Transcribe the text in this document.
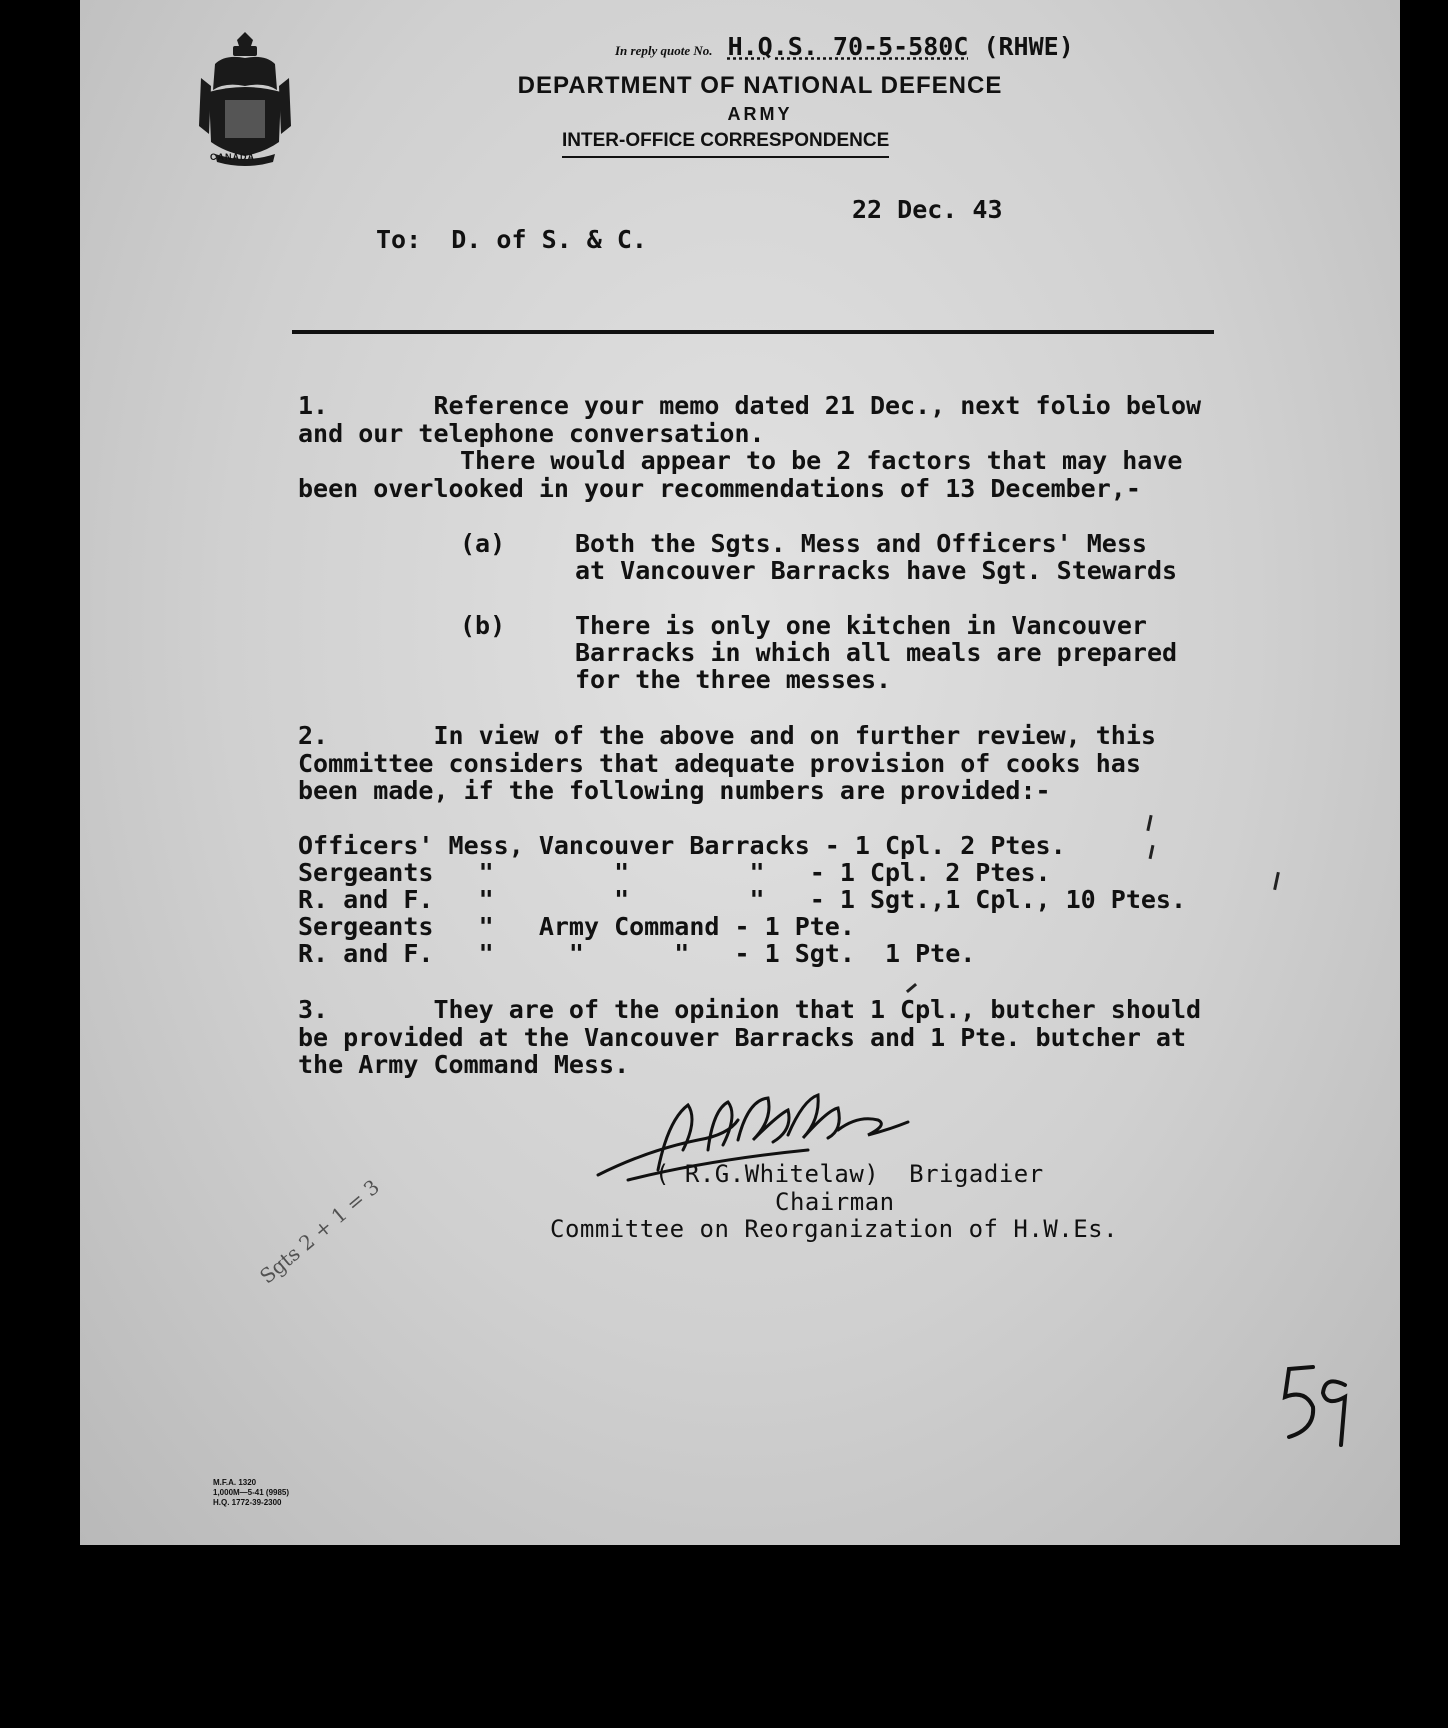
CANADA
In reply quote No. H.Q.S. 70-5-580C (RHWE)
DEPARTMENT OF NATIONAL DEFENCE
ARMY
INTER-OFFICE CORRESPONDENCE
22 Dec. 43
To:  D. of S. & C.
1.       Reference your memo dated 21 Dec., next folio below
and our telephone conversation.
There would appear to be 2 factors that may have
been overlooked in your recommendations of 13 December,-
(a)	Both the Sgts. Mess and Officers' Mess
at Vancouver Barracks have Sgt. Stewards
(b)	There is only one kitchen in Vancouver
Barracks in which all meals are prepared
for the three messes.
2.       In view of the above and on further review, this
Committee considers that adequate provision of cooks has
been made, if the following numbers are provided:-
Officers' Mess, Vancouver Barracks - 1 Cpl. 2 Ptes.
Sergeants   "        "        "   - 1 Cpl. 2 Ptes.
R. and F.   "        "        "   - 1 Sgt.,1 Cpl., 10 Ptes.
Sergeants   "   Army Command - 1 Pte.
R. and F.   "     "      "   - 1 Sgt.  1 Pte.
3.       They are of the opinion that 1 Cpl., butcher should
be provided at the Vancouver Barracks and 1 Pte. butcher at
the Army Command Mess.
( R.G.Whitelaw)  Brigadier
Chairman
Committee on Reorganization of H.W.Es.
Sgts 2 + 1 = 3
59
M.F.A. 1320
1,000M—5-41 (9985)
H.Q. 1772-39-2300
